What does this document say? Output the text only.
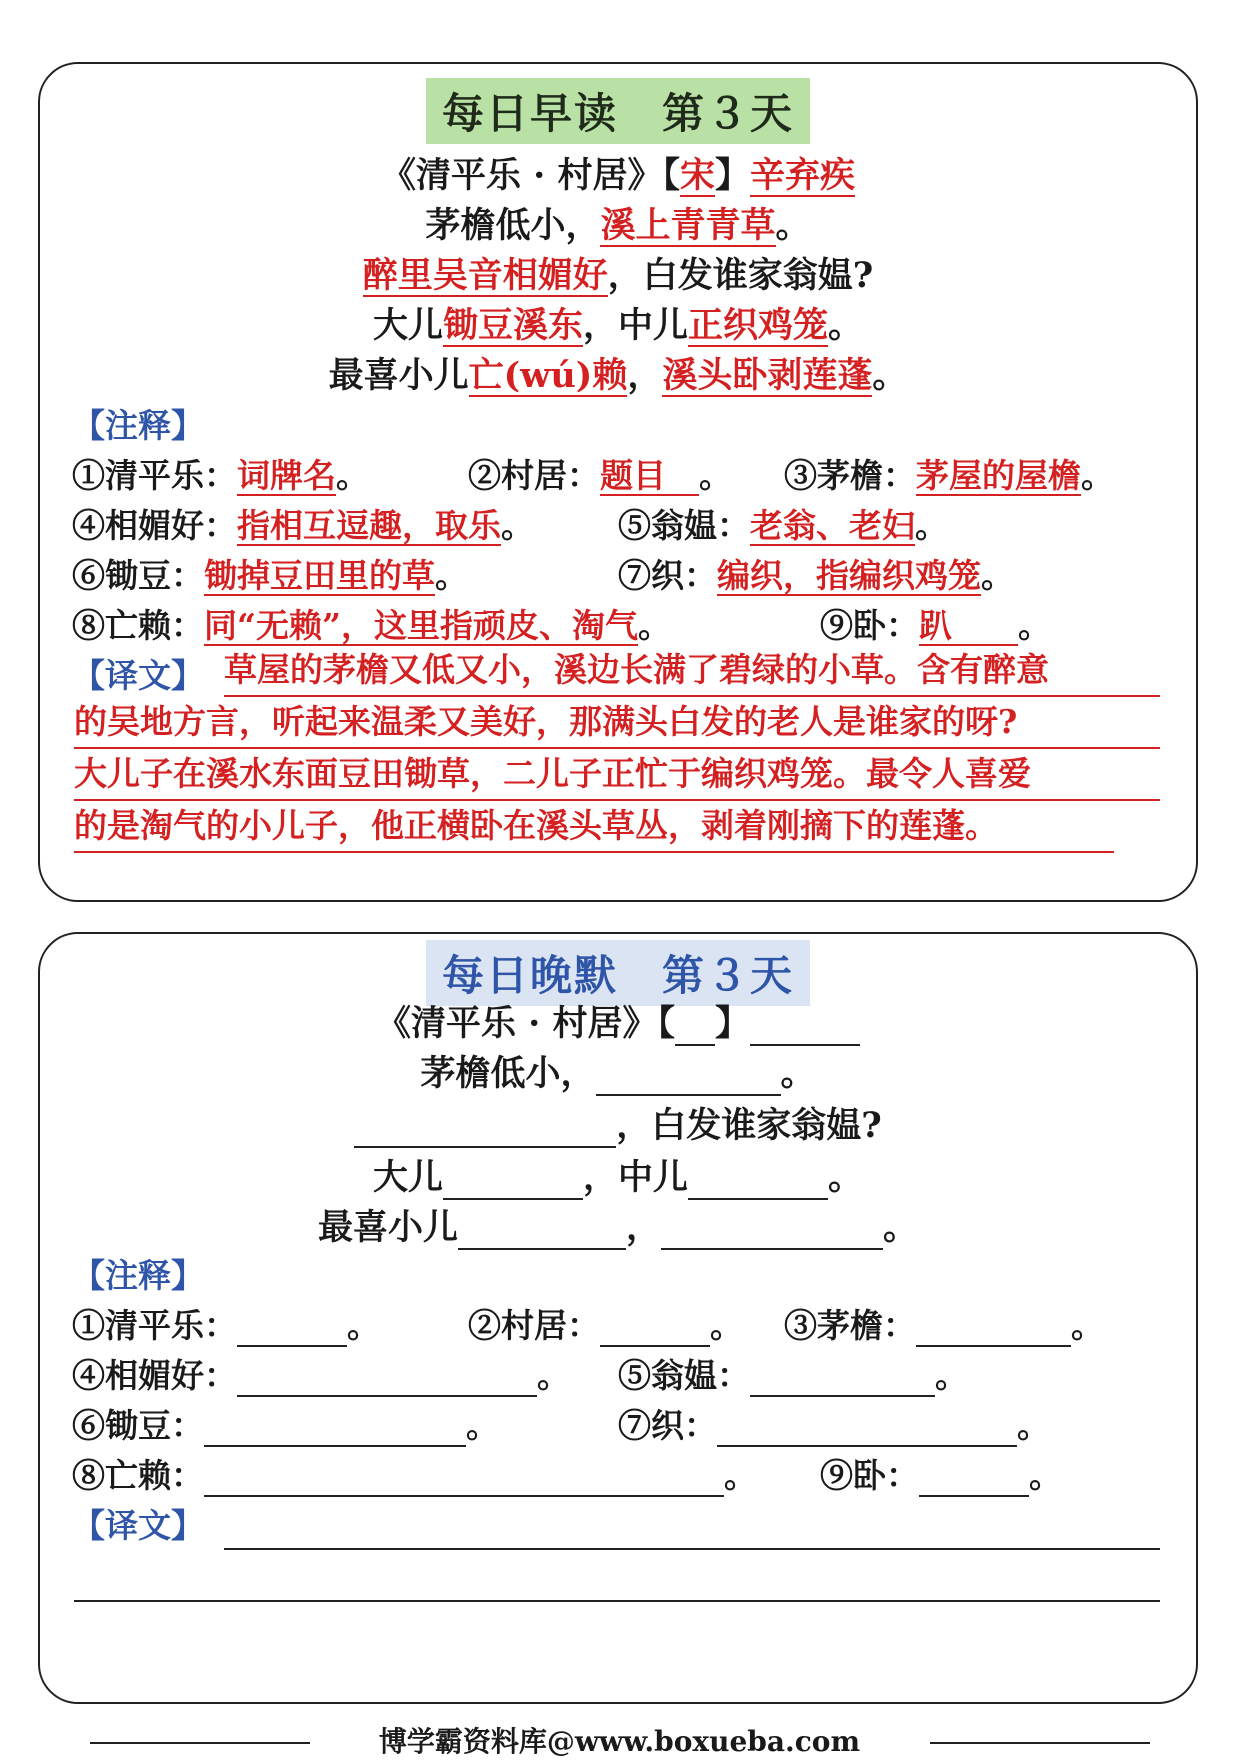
每日早读　第３天
《清平乐 · 村居》【宋】辛弃疾
茅檐低小，溪上青青草。
醉里吴音相媚好，白发谁家翁媪?
大儿锄豆溪东，中儿正织鸡笼。
最喜小儿亡(wú)赖，溪头卧剥莲蓬。
【注释】
①清平乐：词牌名。	②村居：题目　。 ③茅檐：茅屋的屋檐。
④相媚好：指相互逗趣，取乐。	⑤翁媪：老翁、老妇。
⑥锄豆：锄掉豆田里的草。	⑦织：编织，指编织鸡笼。
⑧亡赖：同“无赖”，这里指顽皮、淘气。	⑨卧：趴　　。
【译文】 草屋的茅檐又低又小，溪边长满了碧绿的小草。含有醉意
的吴地方言，听起来温柔又美好，那满头白发的老人是谁家的呀?
大儿子在溪水东面豆田锄草，二儿子正忙于编织鸡笼。最令人喜爱
的是淘气的小儿子，他正横卧在溪头草丛，剥着刚摘下的莲蓬。
每日晚默　第３天
《清平乐 · 村居》【 】
茅檐低小，	。
，白发谁家翁媪?
大儿	，中儿	。
最喜小儿	，	。
【注释】
①清平乐：	。	②村居：	。 ③茅檐：	。
④相媚好：	。 ⑤翁媪：	。
⑥锄豆：	。	⑦织：	。
⑧亡赖：	。 ⑨卧：	。
【译文】
博学霸资料库@www.boxueba.com
